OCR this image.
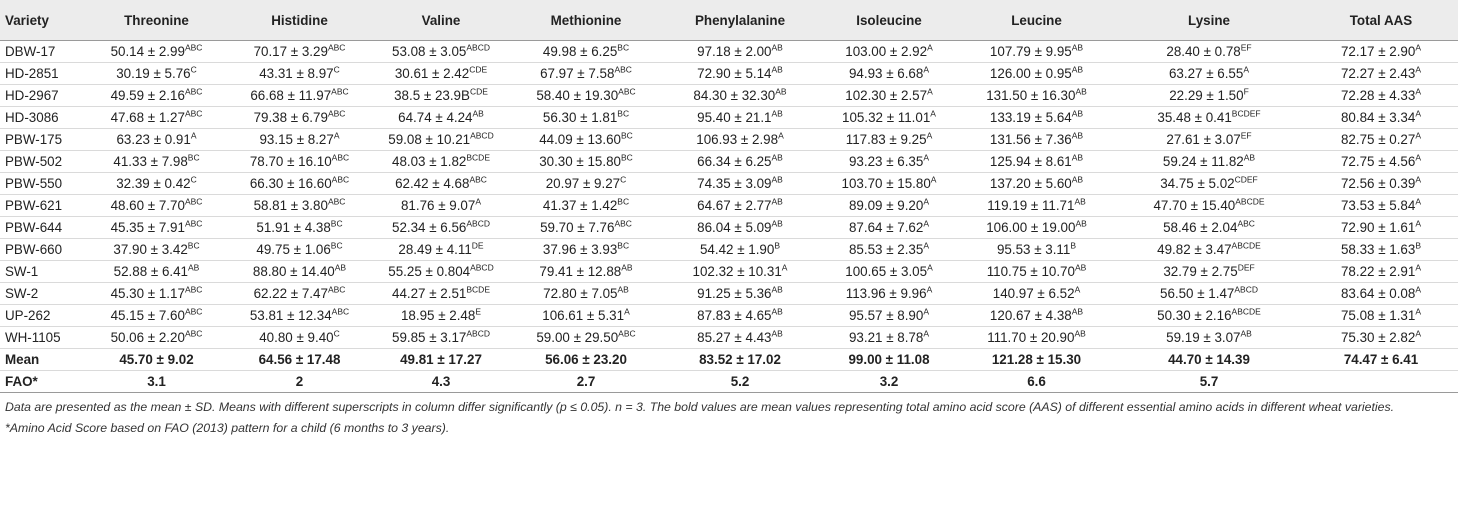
Variety	Threonine	Histidine	Valine	Methionine	Phenylalanine	Isoleucine	Leucine	Lysine	Total AAS
DBW-17	$50.14 \pm 2.99^{ABC}$	$70.17 \pm 3.29^{ABC}$	$53.08 \pm 3.05^{ABCD}$	$49.98 \pm 6.25^{BC}$	$97.18 \pm 2.00^{AB}$	$103.00 \pm 2.92^A$	$107.79 \pm 9.95^{AB}$	$28.40 \pm 0.78^{EF}$	$72.17 \pm 2.90^A$
HD-2851	$30.19 \pm 5.76^C$	$43.31 \pm 8.97^C$	$30.61 \pm 2.42^{CDE}$	$67.97 \pm 7.58^{ABC}$	$72.90 \pm 5.14^{AB}$	$94.93 \pm 6.68^A$	$126.00 \pm 0.95^{AB}$	$63.27 \pm 6.55^A$	$72.27 \pm 2.43^A$
HD-2967	$49.59 \pm 2.16^{ABC}$	$66.68 \pm 11.97^{ABC}$	$38.5 \pm 23.9B^{CDE}$	$58.40 \pm 19.30^{ABC}$	$84.30 \pm 32.30^{AB}$	$102.30 \pm 2.57^A$	$131.50 \pm 16.30^{AB}$	$22.29 \pm 1.50^F$	$72.28 \pm 4.33^A$
HD-3086	$47.68 \pm 1.27^{ABC}$	$79.38 \pm 6.79^{ABC}$	$64.74 \pm 4.24^{AB}$	$56.30 \pm 1.81^{BC}$	$95.40 \pm 21.1^{AB}$	$105.32 \pm 11.01^A$	$133.19 \pm 5.64^{AB}$	$35.48 \pm 0.41^{BCDEF}$	$80.84 \pm 3.34^A$
PBW-175	$63.23 \pm 0.91^A$	$93.15 \pm 8.27^A$	$59.08 \pm 10.21^{ABCD}$	$44.09 \pm 13.60^{BC}$	$106.93 \pm 2.98^A$	$117.83 \pm 9.25^A$	$131.56 \pm 7.36^{AB}$	$27.61 \pm 3.07^{EF}$	$82.75 \pm 0.27^A$
PBW-502	$41.33 \pm 7.98^{BC}$	$78.70 \pm 16.10^{ABC}$	$48.03 \pm 1.82^{BCDE}$	$30.30 \pm 15.80^{BC}$	$66.34 \pm 6.25^{AB}$	$93.23 \pm 6.35^A$	$125.94 \pm 8.61^{AB}$	$59.24 \pm 11.82^{AB}$	$72.75 \pm 4.56^A$
PBW-550	$32.39 \pm 0.42^C$	$66.30 \pm 16.60^{ABC}$	$62.42 \pm 4.68^{ABC}$	$20.97 \pm 9.27^C$	$74.35 \pm 3.09^{AB}$	$103.70 \pm 15.80^A$	$137.20 \pm 5.60^{AB}$	$34.75 \pm 5.02^{CDEF}$	$72.56 \pm 0.39^A$
PBW-621	$48.60 \pm 7.70^{ABC}$	$58.81 \pm 3.80^{ABC}$	$81.76 \pm 9.07^A$	$41.37 \pm 1.42^{BC}$	$64.67 \pm 2.77^{AB}$	$89.09 \pm 9.20^A$	$119.19 \pm 11.71^{AB}$	$47.70 \pm 15.40^{ABCDE}$	$73.53 \pm 5.84^A$
PBW-644	$45.35 \pm 7.91^{ABC}$	$51.91 \pm 4.38^{BC}$	$52.34 \pm 6.56^{ABCD}$	$59.70 \pm 7.76^{ABC}$	$86.04 \pm 5.09^{AB}$	$87.64 \pm 7.62^A$	$106.00 \pm 19.00^{AB}$	$58.46 \pm 2.04^{ABC}$	$72.90 \pm 1.61^A$
PBW-660	$37.90 \pm 3.42^{BC}$	$49.75 \pm 1.06^{BC}$	28.49 ± 4.11DE	$37.96 \pm 3.93^{BC}$	$54.42 \pm 1.90^B$	$85.53 \pm 2.35^A$	$95.53 \pm 3.11^B$	$49.82 \pm 3.47^{ABCDE}$	$58.33 \pm 1.63^B$
SW-1	$52.88 \pm 6.41^{AB}$	$88.80 \pm 14.40^{AB}$	$55.25 \pm 0.804^{ABCD}$	$79.41 \pm 12.88^{AB}$	$102.32 \pm 10.31^A$	$100.65 \pm 3.05^A$	$110.75 \pm 10.70^{AB}$	$32.79 \pm 2.75^{DEF}$	$78.22 \pm 2.91^A$
SW-2	$45.30 \pm 1.17^{ABC}$	$62.22 \pm 7.47^{ABC}$	$44.27 \pm 2.51^{BCDE}$	$72.80 \pm 7.05^{AB}$	$91.25 \pm 5.36^{AB}$	$113.96 \pm 9.96^A$	$140.97 \pm 6.52^A$	$56.50 \pm 1.47^{ABCD}$	$83.64 \pm 0.08^A$
UP-262	$45.15 \pm 7.60^{ABC}$	$53.81 \pm 12.34^{ABC}$	$18.95 \pm 2.48^E$	$106.61 \pm 5.31^A$	$87.83 \pm 4.65^{AB}$	$95.57 \pm 8.90^A$	$120.67 \pm 4.38^{AB}$	$50.30 \pm 2.16^{ABCDE}$	$75.08 \pm 1.31^A$
WH-1105	$50.06 \pm 2.20^{ABC}$	$40.80 \pm 9.40^C$	$59.85 \pm 3.17^{ABCD}$	$59.00 \pm 29.50^{ABC}$	$85.27 \pm 4.43^{AB}$	$93.21 \pm 8.78^A$	$111.70 \pm 20.90^{AB}$	$59.19 \pm 3.07^{AB}$	$75.30 \pm 2.82^A$
Mean	45.70 ± 9.02	64.56 ± 17.48	49.81 ± 17.27	56.06 ± 23.20	83.52 ± 17.02	99.00 ± 11.08	121.28 ± 15.30	44.70 ± 14.39	74.47 ± 6.41
FAO*	3.1	2	4.3	2.7	5.2	3.2	6.6	5.7	

Data are presented as the mean ± SD. Means with different superscripts in column differ significantly (p ≤ 0.05). n = 3. The bold values are mean values representing total amino acid score (AAS) of different essential amino acids in different wheat varieties.

*Amino Acid Score based on FAO (2013) pattern for a child (6 months to 3 years).
